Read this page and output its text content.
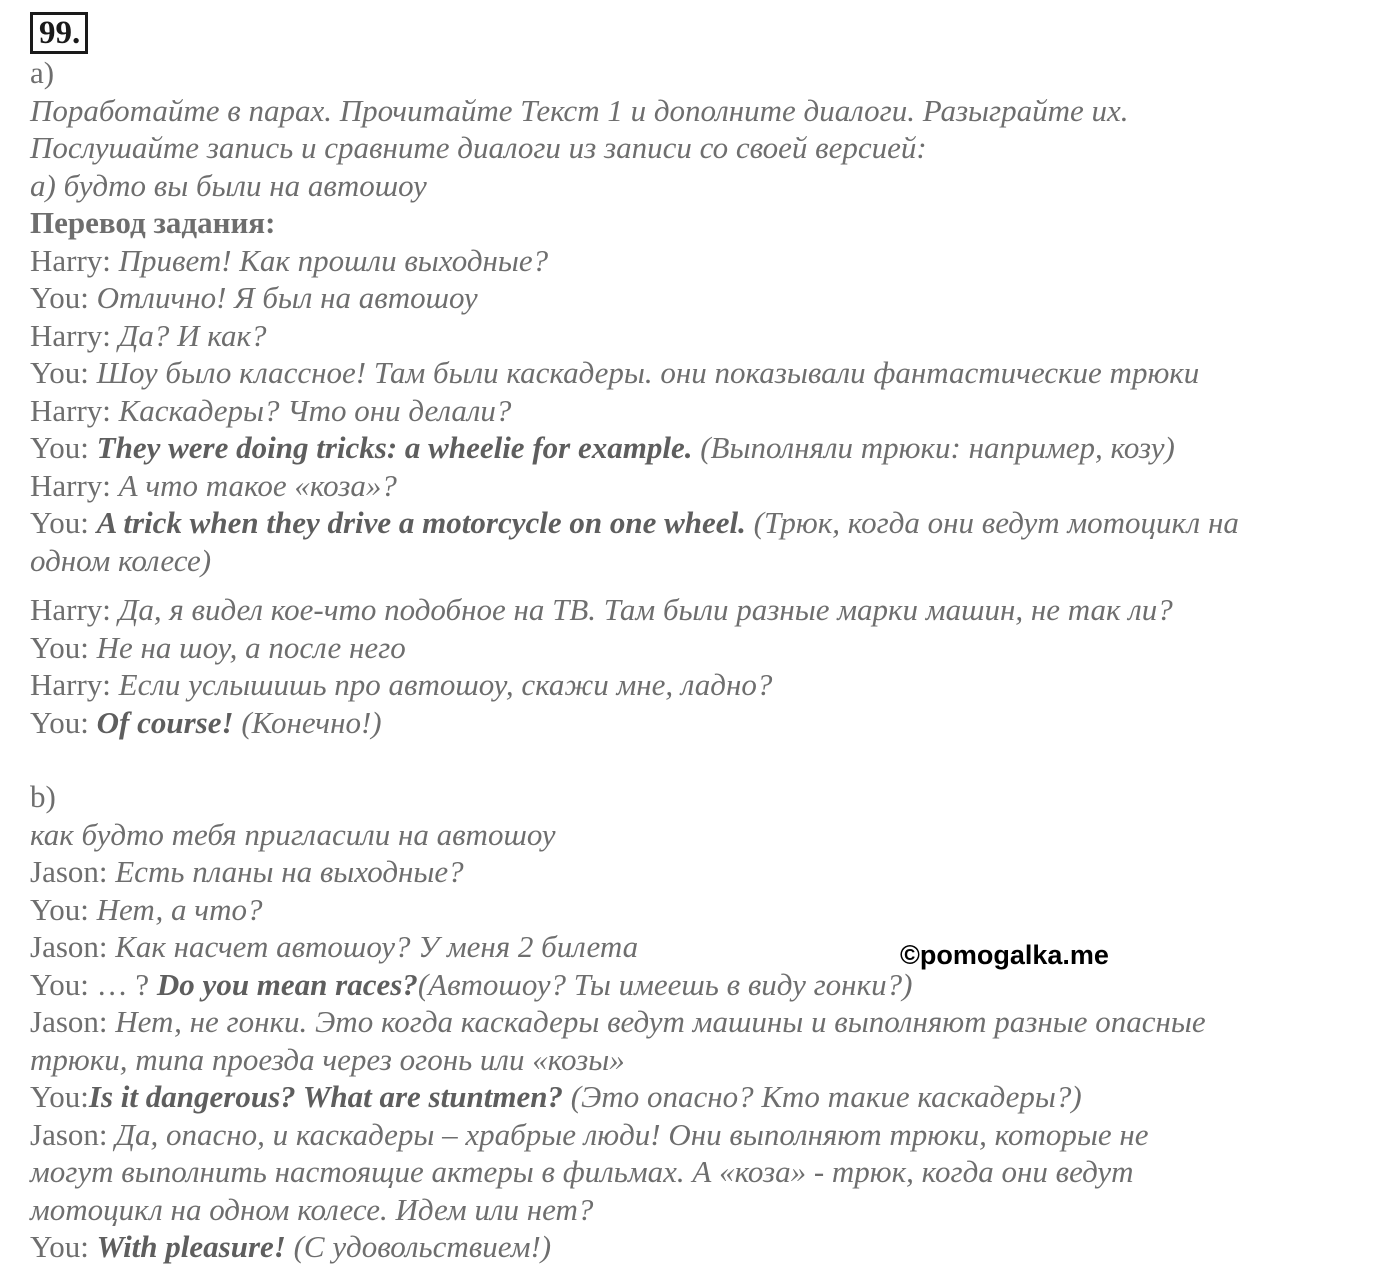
99.
a)
Поработайте в парах. Прочитайте Текст 1 и дополните диалоги. Разыграйте их.
Послушайте запись и сравните диалоги из записи со своей версией:
а) будто вы были на автошоу
Перевод задания:
Harry: Привет! Как прошли выходные?
You: Отлично! Я был на автошоу
Harry: Да? И как?
You: Шоу было классное! Там были каскадеры. они показывали фантастические трюки
Harry: Каскадеры? Что они делали?
You: They were doing tricks: a wheelie for example. (Выполняли трюки: например, козу)
Harry: А что такое «коза»?
You: A trick when they drive a motorcycle on one wheel. (Трюк, когда они ведут мотоцикл на
одном колесе)
Harry: Да, я видел кое-что подобное на ТВ. Там были разные марки машин, не так ли?
You: Не на шоу, а после него
Harry: Если услышишь про автошоу, скажи мне, ладно?
You: Of course! (Конечно!)
b)
как будто тебя пригласили на автошоу
Jason: Есть планы на выходные?
You: Нет, а что?
Jason: Как насчет автошоу? У меня 2 билета
You: … ? Do you mean races?(Автошоу? Ты имеешь в виду гонки?)
Jason: Нет, не гонки. Это когда каскадеры ведут машины и выполняют разные опасные
трюки, типа проезда через огонь или «козы»
You:Is it dangerous? What are stuntmen? (Это опасно? Кто такие каскадеры?)
Jason: Да, опасно, и каскадеры – храбрые люди! Они выполняют трюки, которые не
могут выполнить настоящие актеры в фильмах. А «коза» - трюк, когда они ведут
мотоцикл на одном колесе. Идем или нет?
You: With pleasure! (С удовольствием!)
©pomogalka.me
